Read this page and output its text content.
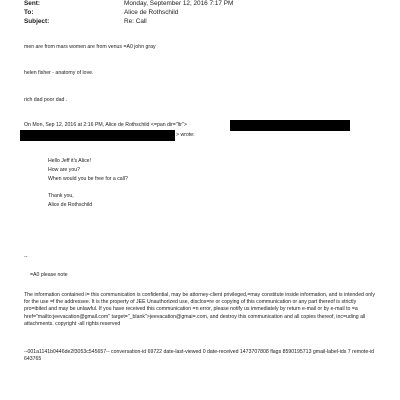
Sent:	Monday, September 12, 2016 7:17 PM
To:	Alice de Rothschild
Subject:	Re: Call
men are from mars women are from venus =A0 john gray
helen fisher - anatomy of love.
rich dad poor dad .
On Mon, Sep 12, 2016 at 2:16 PM, Alice de Rothschild <=pan dir="ltr">
> wrote:
Hello Jeff it's Alice!
How are you?
When would you be free for a call?
Thank you,
Alice de Rothschild
--
=A0 please note
The information contained i= this communication is confidential, may be attorney-client privileged,=may constitute inside information, and is intended only for the use =f the addressee. It is the property of JEE Unauthorized use, disclos=re or copying of this communication or any part thereof is strictly pro=ibited and may be unlawful. If you have received this communication =n error, please notify us immediately by return e-mail or by e-mail to =a href="mailto:jeevacation@gmail.com" target="_blank">jeevacation@gmai=.com, and destroy this communication and all copies thereof, inc=uding all attachments. copyright -all rights reserved
--001a1141b0446de2f3053c545657-- conversation-id 69722 date-last-viewed 0 date-received 1473707808 flags 8590195713 gmail-label-ids 7 remote-id 643765
